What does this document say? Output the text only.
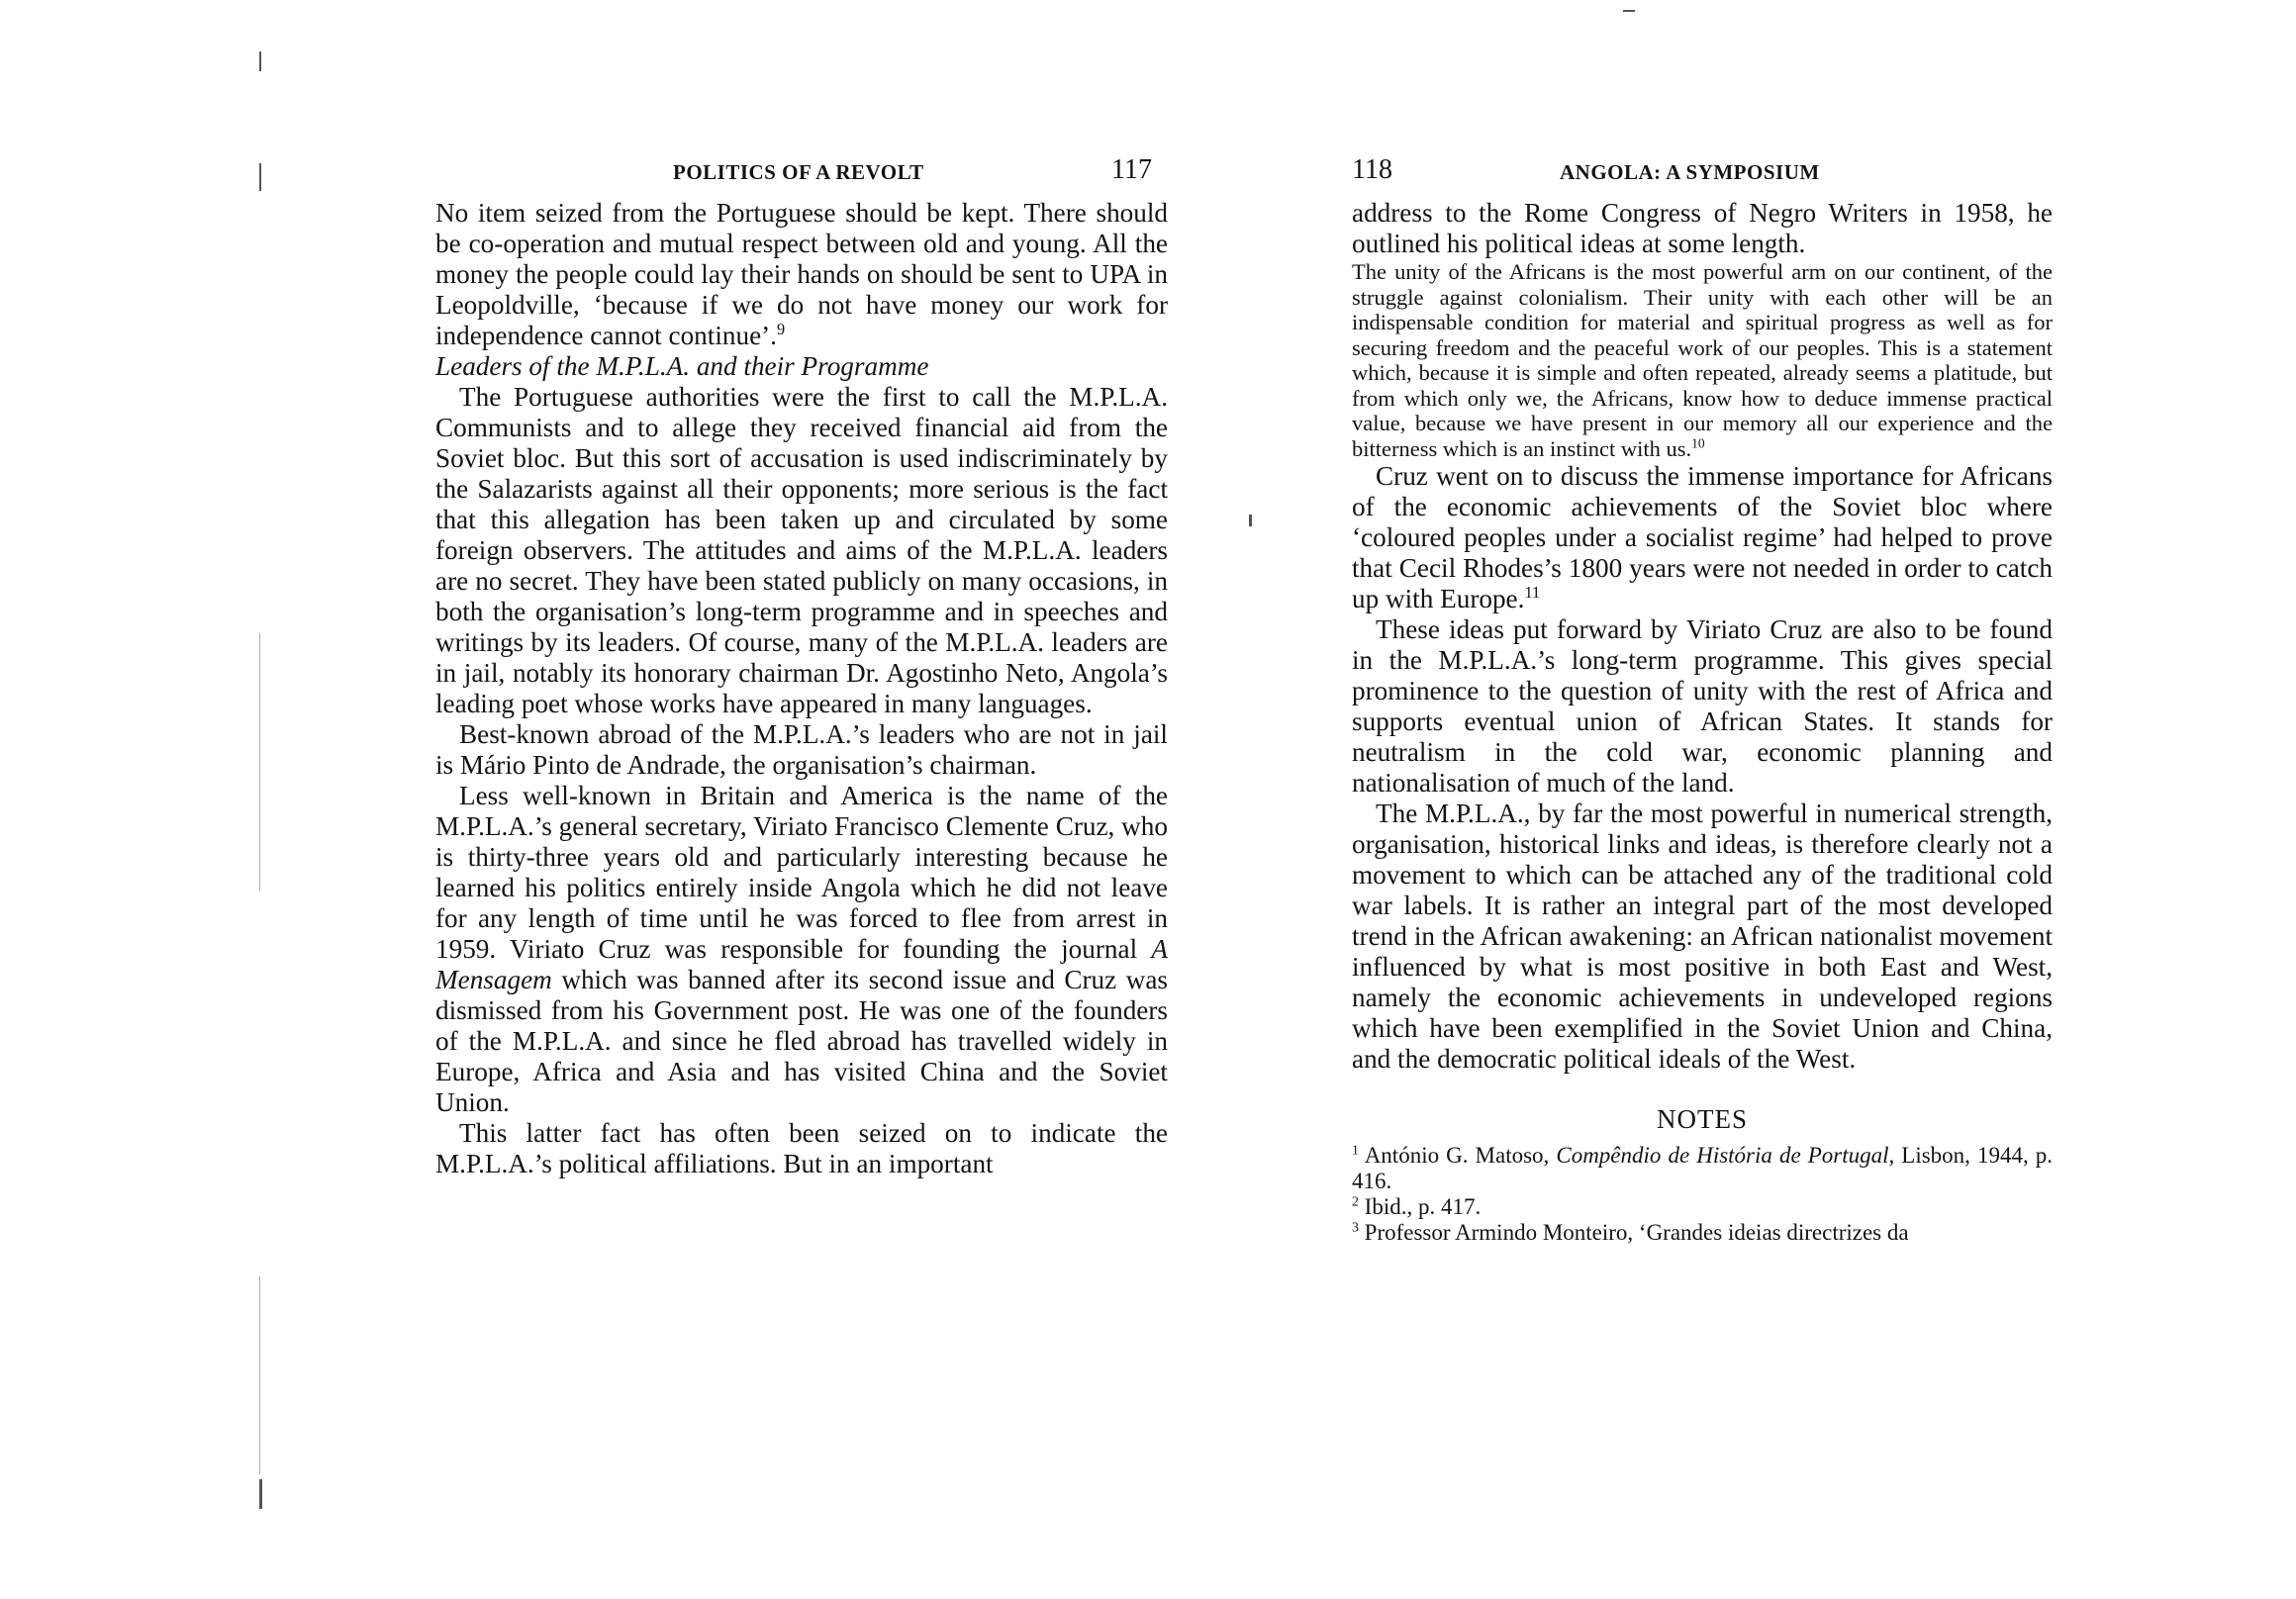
POLITICS OF A REVOLT	117

No item seized from the Portuguese should be kept. There should be co-operation and mutual respect between old and young. All the money the people could lay their hands on should be sent to UPA in Leopoldville, ‘because if we do not have money our work for independence cannot continue’.$^9$

Leaders of the M.P.L.A. and their Programme

The Portuguese authorities were the first to call the M.P.L.A. Communists and to allege they received financial aid from the Soviet bloc. But this sort of accusation is used indiscriminately by the Salazarists against all their opponents; more serious is the fact that this allegation has been taken up and circulated by some foreign observers. The attitudes and aims of the M.P.L.A. leaders are no secret. They have been stated publicly on many occasions, in both the organisation’s long-term programme and in speeches and writings by its leaders. Of course, many of the M.P.L.A. leaders are in jail, notably its honorary chairman Dr. Agostinho Neto, Angola’s leading poet whose works have appeared in many languages.

Best-known abroad of the M.P.L.A.’s leaders who are not in jail is Mário Pinto de Andrade, the organisation’s chairman.

Less well-known in Britain and America is the name of the M.P.L.A.’s general secretary, Viriato Francisco Clemente Cruz, who is thirty-three years old and particularly interesting because he learned his politics entirely inside Angola which he did not leave for any length of time until he was forced to flee from arrest in 1959. Viriato Cruz was responsible for founding the journal A Mensagem which was banned after its second issue and Cruz was dismissed from his Government post. He was one of the founders of the M.P.L.A. and since he fled abroad has travelled widely in Europe, Africa and Asia and has visited China and the Soviet Union.

This latter fact has often been seized on to indicate the M.P.L.A.’s political affiliations. But in an important

118	ANGOLA: A SYMPOSIUM

address to the Rome Congress of Negro Writers in 1958, he outlined his political ideas at some length.

The unity of the Africans is the most powerful arm on our continent, of the struggle against colonialism. Their unity with each other will be an indispensable condition for material and spiritual progress as well as for securing freedom and the peaceful work of our peoples. This is a statement which, because it is simple and often repeated, already seems a platitude, but from which only we, the Africans, know how to deduce immense practical value, because we have present in our memory all our experience and the bitterness which is an instinct with us.$^{10}$

Cruz went on to discuss the immense importance for Africans of the economic achievements of the Soviet bloc where ‘coloured peoples under a socialist regime’ had helped to prove that Cecil Rhodes’s 1800 years were not needed in order to catch up with Europe.$^{11}$

These ideas put forward by Viriato Cruz are also to be found in the M.P.L.A.’s long-term programme. This gives special prominence to the question of unity with the rest of Africa and supports eventual union of African States. It stands for neutralism in the cold war, economic planning and nationalisation of much of the land.

The M.P.L.A., by far the most powerful in numerical strength, organisation, historical links and ideas, is therefore clearly not a movement to which can be attached any of the traditional cold war labels. It is rather an integral part of the most developed trend in the African awakening: an African nationalist movement influenced by what is most positive in both East and West, namely the economic achievements in undeveloped regions which have been exemplified in the Soviet Union and China, and the democratic political ideals of the West.

NOTES

$^1$ António G. Matoso, Compêndio de História de Portugal, Lisbon, 1944, p. 416.

$^2$ Ibid., p. 417.

$^3$ Professor Armindo Monteiro, ‘Grandes ideias directrizes da
